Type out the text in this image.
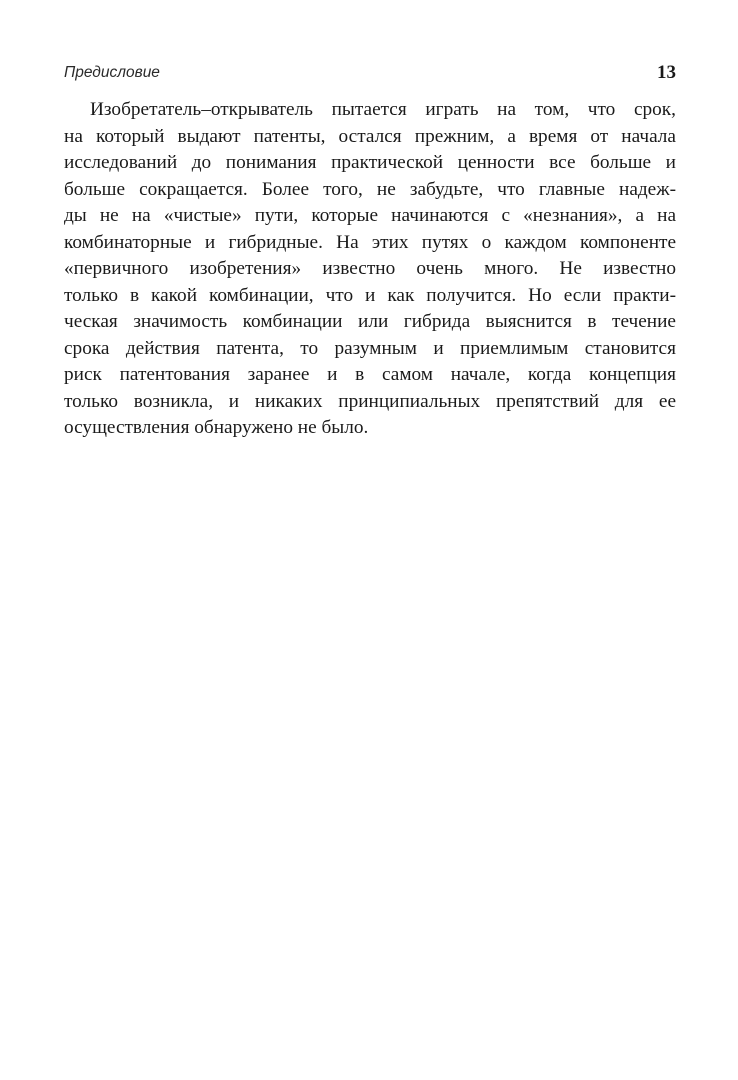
Предисловие	13
Изобретатель–открыватель пытается играть на том, что срок,
на который выдают патенты, остался прежним, а время от начала
исследований до понимания практической ценности все больше и
больше сокращается. Более того, не забудьте, что главные надеж-
ды не на «чистые» пути, которые начинаются с «незнания», а на
комбинаторные и гибридные. На этих путях о каждом компоненте
«первичного изобретения» известно очень много. Не известно
только в какой комбинации, что и как получится. Но если практи-
ческая значимость комбинации или гибрида выяснится в течение
срока действия патента, то разумным и приемлимым становится
риск патентования заранее и в самом начале, когда концепция
только возникла, и никаких принципиальных препятствий для ее
осуществления обнаружено не было.
